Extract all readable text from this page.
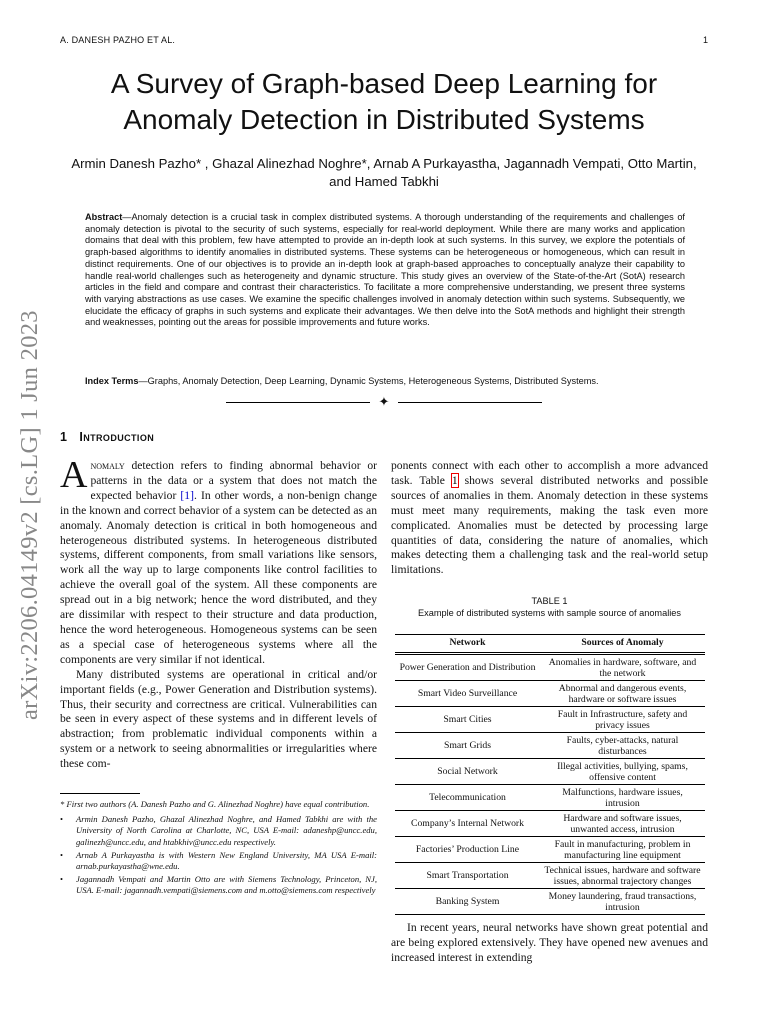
A. DANESH PAZHO ET AL.	1
arXiv:2206.04149v2 [cs.LG] 1 Jun 2023
A Survey of Graph-based Deep Learning for Anomaly Detection in Distributed Systems
Armin Danesh Pazho* , Ghazal Alinezhad Noghre*, Arnab A Purkayastha, Jagannadh Vempati, Otto Martin, and Hamed Tabkhi
Abstract—Anomaly detection is a crucial task in complex distributed systems. A thorough understanding of the requirements and challenges of anomaly detection is pivotal to the security of such systems, especially for real-world deployment. While there are many works and application domains that deal with this problem, few have attempted to provide an in-depth look at such systems. In this survey, we explore the potentials of graph-based algorithms to identify anomalies in distributed systems. These systems can be heterogeneous or homogeneous, which can result in distinct requirements. One of our objectives is to provide an in-depth look at graph-based approaches to conceptually analyze their capability to handle real-world challenges such as heterogeneity and dynamic structure. This study gives an overview of the State-of-the-Art (SotA) research articles in the field and compare and contrast their characteristics. To facilitate a more comprehensive understanding, we present three systems with varying abstractions as use cases. We examine the specific challenges involved in anomaly detection within such systems. Subsequently, we elucidate the efficacy of graphs in such systems and explicate their advantages. We then delve into the SotA methods and highlight their strength and weaknesses, pointing out the areas for possible improvements and future works.
Index Terms—Graphs, Anomaly Detection, Deep Learning, Dynamic Systems, Heterogeneous Systems, Distributed Systems.
✦
1 Introduction

Anomaly detection refers to finding abnormal behavior or patterns in the data or a system that does not match the expected behavior [1]. In other words, a non-benign change in the known and correct behavior of a system can be detected as an anomaly. Anomaly detection is critical in both homogeneous and heterogeneous distributed systems. In heterogeneous distributed systems, different components, from small variations like sensors, work all the way up to large components like control facilities to achieve the overall goal of the system. All these components are spread out in a big network; hence the word distributed, and they are dissimilar with respect to their structure and data production, hence the word heterogeneous. Homogeneous systems can be seen as a special case of heterogeneous systems where all the components are very similar if not identical.

Many distributed systems are operational in critical and/or important fields (e.g., Power Generation and Distribution systems). Thus, their security and correctness are critical. Vulnerabilities can be seen in every aspect of these systems and in different levels of abstraction; from problematic individual components within a system or a network to seeing abnormalities or irregularities where these com-

* First two authors (A. Danesh Pazho and G. Alinezhad Noghre) have equal contribution.

• Armin Danesh Pazho, Ghazal Alinezhad Noghre, and Hamed Tabkhi are with the University of North Carolina at Charlotte, NC, USA E-mail: adaneshp@uncc.edu, galinezh@uncc.edu, and htabkhiv@uncc.edu respectively.
• Arnab A Purkayastha is with Western New England University, MA USA E-mail: arnab.purkayastha@wne.edu.
• Jagannadh Vempati and Martin Otto are with Siemens Technology, Princeton, NJ, USA. E-mail: jagannadh.vempati@siemens.com and m.otto@siemens.com respectively

ponents connect with each other to accomplish a more advanced task. Table 1 shows several distributed networks and possible sources of anomalies in them. Anomaly detection in these systems must meet many requirements, making the task even more complicated. Anomalies must be detected by processing large quantities of data, considering the nature of anomalies, which makes detecting them a challenging task and the real-world setup limitations.

TABLE 1
Example of distributed systems with sample source of anomalies
Network	Sources of Anomaly
Power Generation and Distribution	Anomalies in hardware, software, and the network
Smart Video Surveillance	Abnormal and dangerous events, hardware or software issues
Smart Cities	Fault in Infrastructure, safety and privacy issues
Smart Grids	Faults, cyber-attacks, natural disturbances
Social Network	Illegal activities, bullying, spams, offensive content
Telecommunication	Malfunctions, hardware issues, intrusion
Company’s Internal Network	Hardware and software issues, unwanted access, intrusion
Factories’ Production Line	Fault in manufacturing, problem in manufacturing line equipment
Smart Transportation	Technical issues, hardware and software issues, abnormal trajectory changes
Banking System	Money laundering, fraud transactions, intrusion

In recent years, neural networks have shown great potential and are being explored extensively. They have opened new avenues and increased interest in extending
